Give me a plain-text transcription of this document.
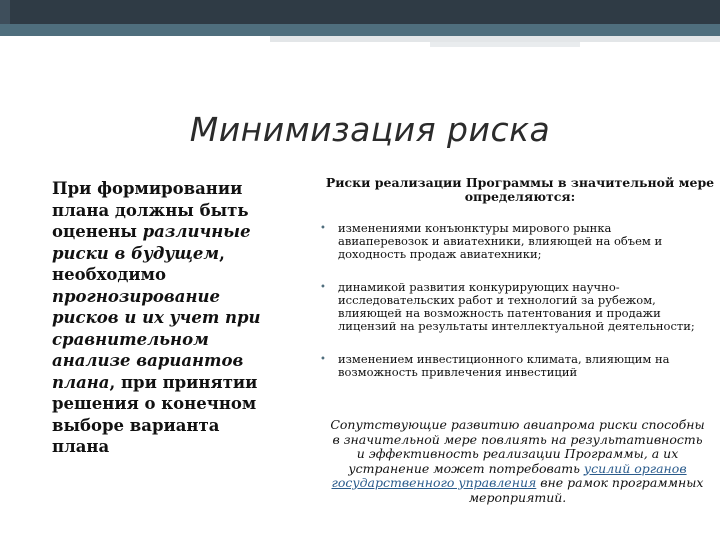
Минимизация риска
При формировании плана должны быть оценены различные риски в будущем, необходимо прогнозирование рисков и их учет при сравнительном анализе вариантов плана, при принятии решения о конечном выборе варианта плана
Риски реализации Программы в значительной мере определяются:
• изменениями конъюнктуры мирового рынка авиаперевозок и авиатехники, влияющей на объем и доходность продаж авиатехники;
• динамикой развития конкурирующих научно-исследовательских работ и технологий за рубежом, влияющей на возможность патентования и продажи лицензий на результаты интеллектуальной деятельности;
• изменением инвестиционного климата, влияющим на возможность привлечения инвестиций
Сопутствующие развитию авиапрома риски способны в значительной мере повлиять на результативность и эффективность реализации Программы, а их устранение может потребовать усилий органов государственного управления вне рамок программных мероприятий.
